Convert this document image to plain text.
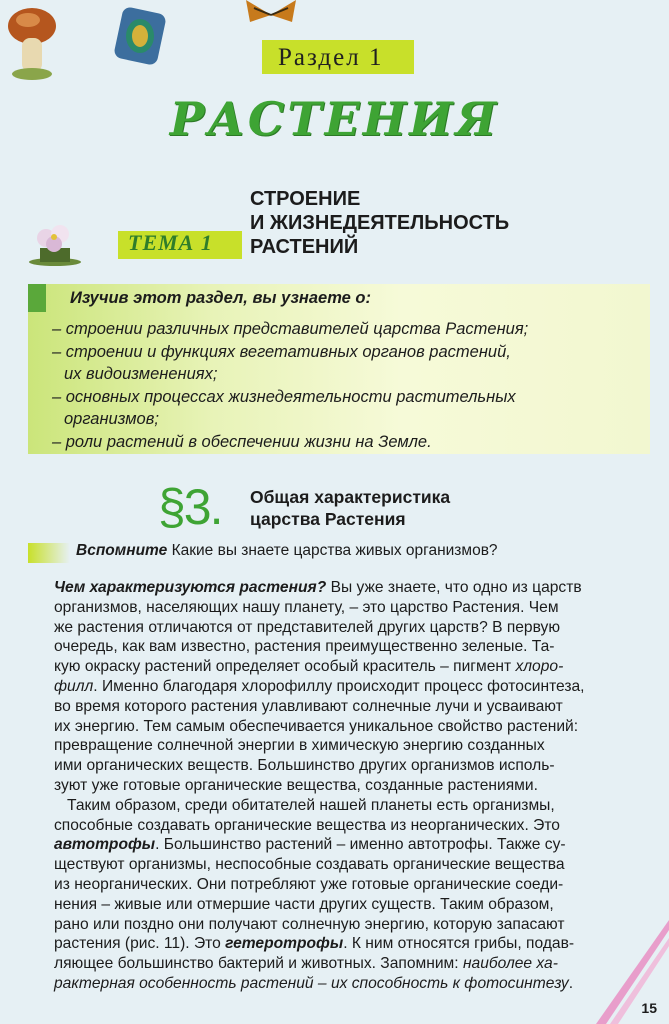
Раздел 1
РАСТЕНИЯ
ТЕМА 1
СТРОЕНИЕ
И ЖИЗНЕДЕЯТЕЛЬНОСТЬ
РАСТЕНИЙ
Изучив этот раздел, вы узнаете о:
– строении различных представителей царства Растения;
– строении и функциях вегетативных органов растений,
их видоизменениях;
– основных процессах жизнедеятельности растительных
организмов;
– роли растений в обеспечении жизни на Земле.
§3. Общая характеристика
царства Растения
Вспомните Какие вы знаете царства живых организмов?
Чем характеризуются растения? Вы уже знаете, что одно из царств
организмов, населяющих нашу планету, – это царство Растения. Чем
же растения отличаются от представителей других царств? В первую
очередь, как вам известно, растения преимущественно зеленые. Та-
кую окраску растений определяет особый краситель – пигмент хлоро-
филл. Именно благодаря хлорофиллу происходит процесс фотосинтеза,
во время которого растения улавливают солнечные лучи и усваивают
их энергию. Тем самым обеспечивается уникальное свойство растений:
превращение солнечной энергии в химическую энергию созданных
ими органических веществ. Большинство других организмов исполь-
зуют уже готовые органические вещества, созданные растениями.
Таким образом, среди обитателей нашей планеты есть организмы,
способные создавать органические вещества из неорганических. Это
автотрофы. Большинство растений – именно автотрофы. Также су-
ществуют организмы, неспособные создавать органические вещества
из неорганических. Они потребляют уже готовые органические соеди-
нения – живые или отмершие части других существ. Таким образом,
рано или поздно они получают солнечную энергию, которую запасают
растения (рис. 11). Это гетеротрофы. К ним относятся грибы, подав-
ляющее большинство бактерий и животных. Запомним: наиболее ха-
рактерная особенность растений – их способность к фотосинтезу.
15
